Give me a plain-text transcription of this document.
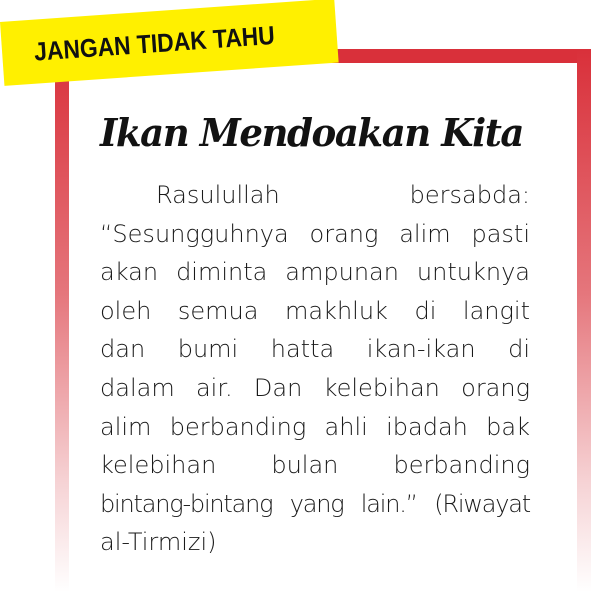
JANGAN TIDAK TAHU
Ikan Mendoakan Kita
Rasulullah bersabda:
“Sesungguhnya orang alim pasti
akan diminta ampunan untuknya
oleh semua makhluk di langit
dan bumi hatta ikan-ikan di
dalam air. Dan kelebihan orang
alim berbanding ahli ibadah bak
kelebihan bulan berbanding
bintang-bintang yang lain.” (Riwayat
al-Tirmizi)
